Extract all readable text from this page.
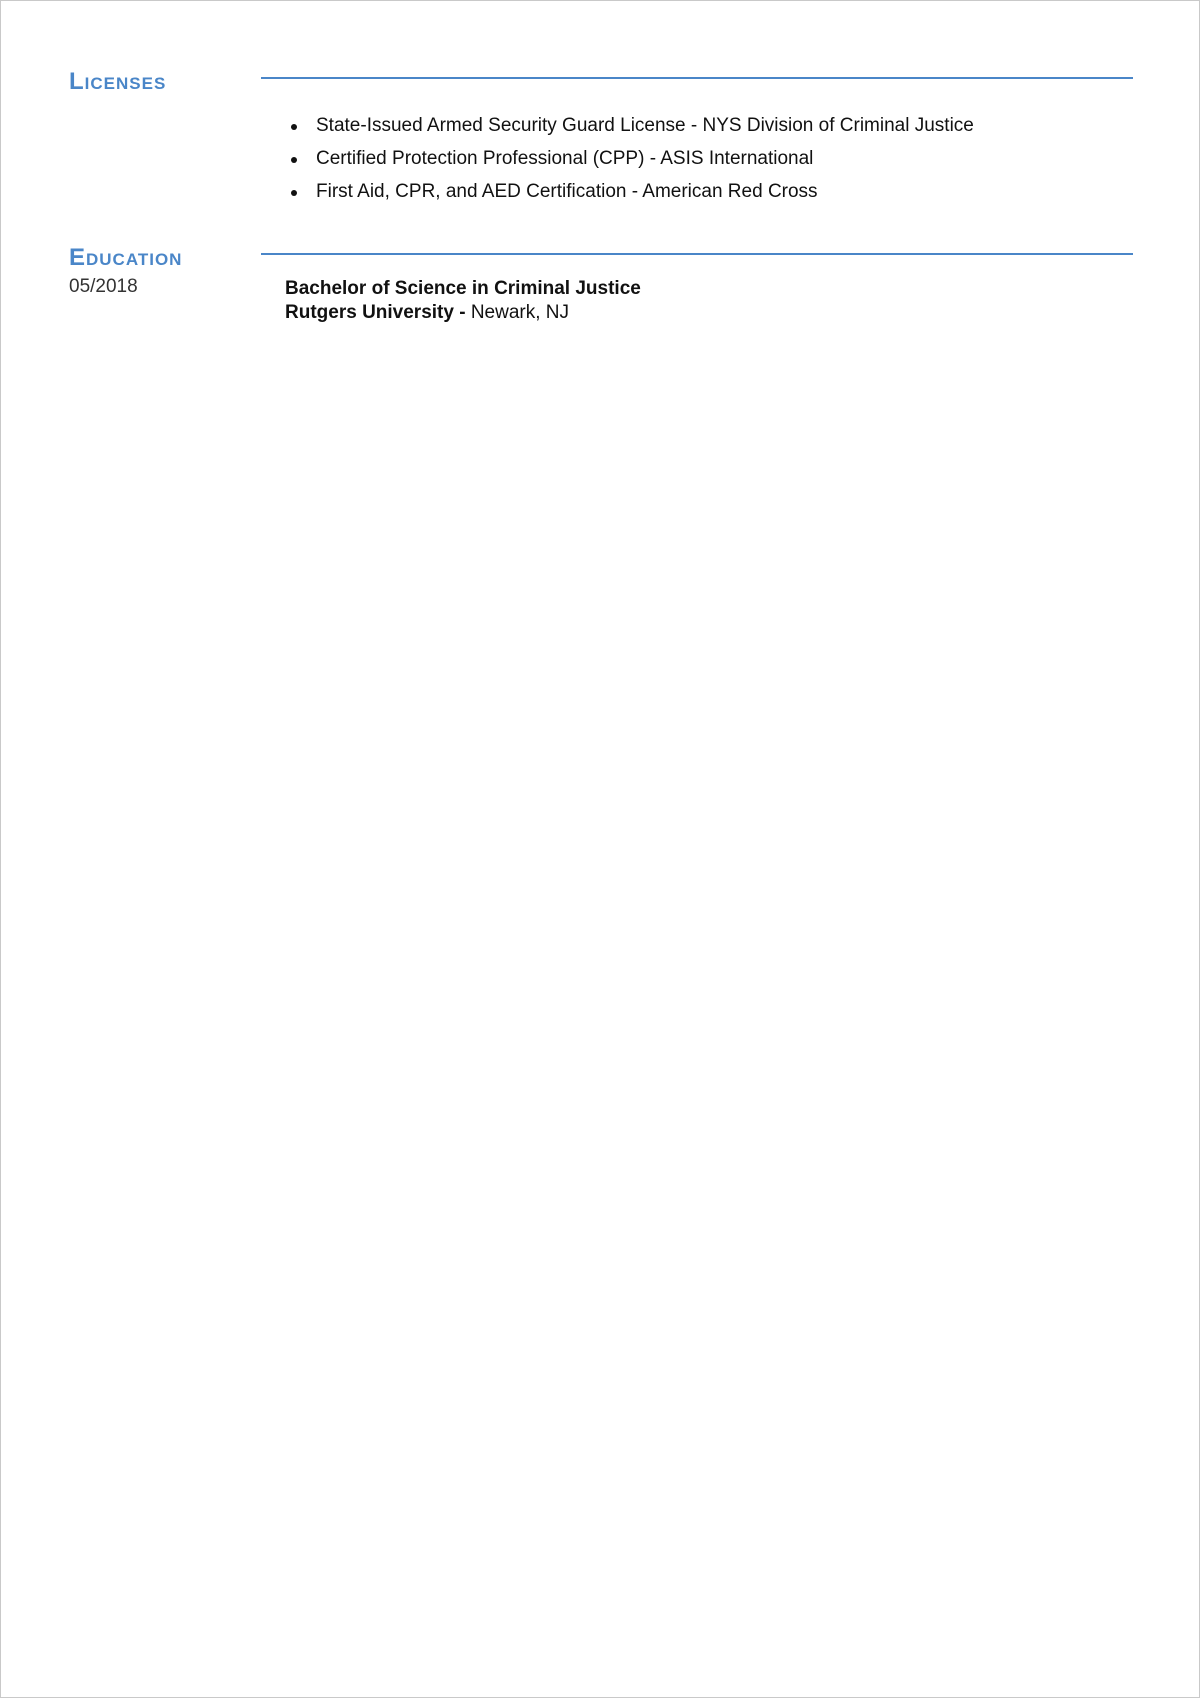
Licenses
State-Issued Armed Security Guard License - NYS Division of Criminal Justice
Certified Protection Professional (CPP) - ASIS International
First Aid, CPR, and AED Certification - American Red Cross
Education
05/2018	Bachelor of Science in Criminal Justice
Rutgers University - Newark, NJ
